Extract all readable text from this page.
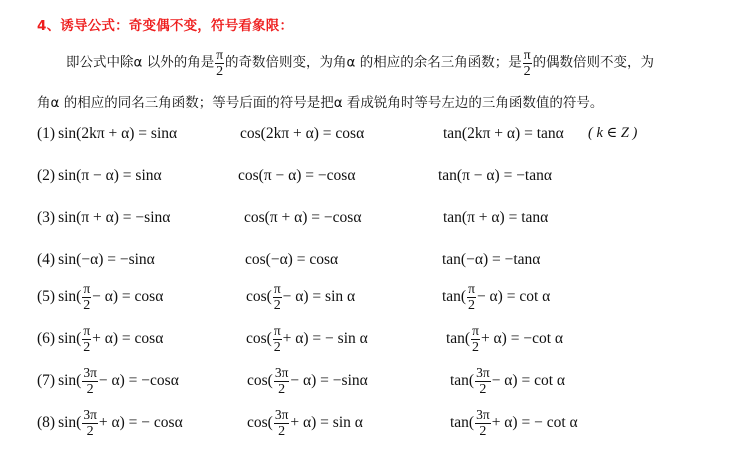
4、诱导公式：奇变偶不变，符号看象限：
即公式中除α 以外的角是 $\frac{\pi}{2}$ 的奇数倍则变，为角α 的相应的余名三角函数；是 $\frac{\pi}{2}$ 的偶数倍则不变，为
角α 的相应的同名三角函数；等号后面的符号是把α 看成锐角时等号左边的三角函数值的符号。
( k ∈ Z )
(1) sin(2kπ + α) = sinα	cos(2kπ + α) = cosα	tan(2kπ + α) = tanα
(2) sin(π − α) = sinα	cos(π − α) = −cosα	tan(π − α) = −tanα
(3) sin(π + α) = −sinα	cos(π + α) = −cosα	tan(π + α) = tanα
(4) sin(−α) = −sinα	cos(−α) = cosα	tan(−α) = −tanα
(5) $\sin( \frac{\pi}{2} - \alpha) = \cos\alpha$	$\cos( \frac{\pi}{2} - \alpha) = \sin \alpha$	$\tan( \frac{\pi}{2} - \alpha) = \cot \alpha$
(6) $\sin( \frac{\pi}{2} + \alpha) = \cos\alpha$	$\cos( \frac{\pi}{2} + \alpha)$ = − sin α	$\tan( \frac{\pi}{2} + \alpha) = -\cot$ α
(7) $\sin( \frac{3\pi}{2} - \alpha) = -\cos\alpha$	$\cos( \frac{3\pi}{2} - \alpha) = -\sin\alpha$	$\tan( \frac{3\pi}{2} - \alpha) = \cot \alpha$
(8) $\sin( \frac{3\pi}{2} + \alpha)$ = − cosα	$\cos( \frac{3\pi}{2} + \alpha) = \sin \alpha$	$\tan( \frac{3\pi}{2} + \alpha)$ = − cot α
